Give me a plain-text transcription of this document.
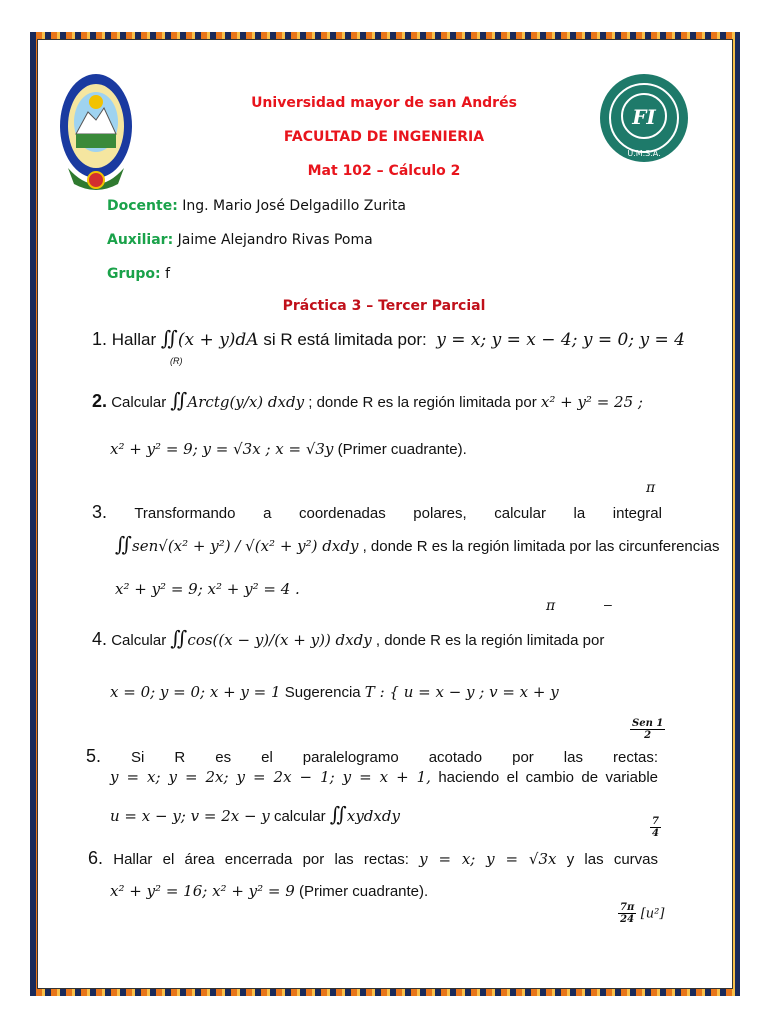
FI
U.M.S.A.
Universidad mayor de san Andrés
FACULTAD DE INGENIERIA
Mat 102 – Cálculo 2
Docente: Ing. Mario José Delgadillo Zurita
Auxiliar: Jaime Alejandro Rivas Poma
Grupo: f
Práctica 3 – Tercer Parcial
1. Hallar ∬(x + y)dA si R está limitada por: y = x; y = x − 4; y = 0; y = 4
(R)
2. Calcular ∬Arctg(y/x) dxdy ; donde R es la región limitada por x² + y² = 25 ;
x² + y² = 9; y = √3x ; x = √3y (Primer cuadrante).
π
3. Transformando a coordenadas polares, calcular la integral
∬sen√(x² + y²) / √(x² + y²) dxdy , donde R es la región limitada por las circunferencias
x² + y² = 9; x² + y² = 4 .
π	–
4. Calcular ∬cos((x − y)/(x + y)) dxdy , donde R es la región limitada por
x = 0; y = 0; x + y = 1 Sugerencia T : { u = x − y ; v = x + y
$\frac{\text{Sen 1}}{2}$
5. Si R es el paralelogramo acotado por las rectas:
y = x; y = 2x; y = 2x − 1; y = x + 1, haciendo el cambio de variable
u = x − y; v = 2x − y calcular ∬xydxdy	$\frac{7}{4}$
6. Hallar el área encerrada por las rectas: y = x; y = √3x y las curvas
x² + y² = 16; x² + y² = 9 (Primer cuadrante).
$\frac{7\pi}{24} [u^2]$
